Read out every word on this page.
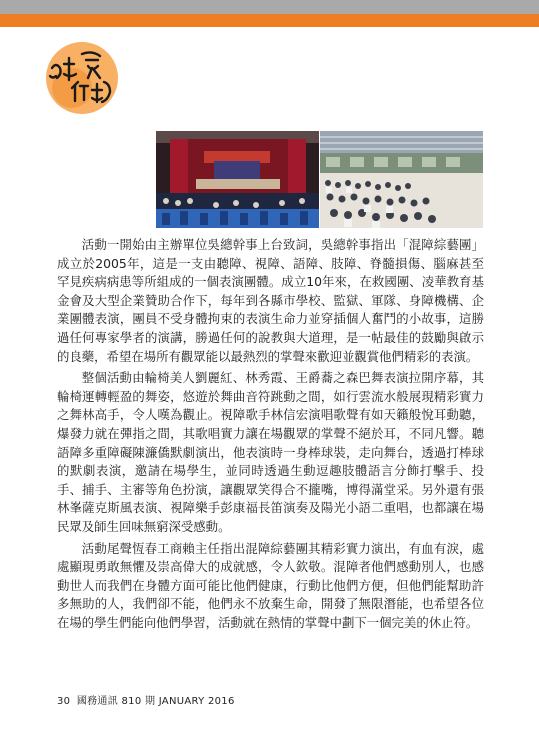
活動一開始由主辦單位吳總幹事上台致詞，吳總幹事指出「混障綜藝團」成立於2005年，這是一支由聽障、視障、語障、肢障、脊髓損傷、腦麻甚至罕見疾病病患等所組成的一個表演團體。成立10年來，在救國團、凌華教育基金會及大型企業贊助合作下，每年到各縣市學校、監獄、軍隊、身障機構、企業團體表演，團員不受身體拘束的表演生命力並穿插個人奮鬥的小故事，這勝過任何專家學者的演講，勝過任何的說教與大道理，是一帖最佳的鼓勵與啟示的良藥，希望在場所有觀眾能以最熱烈的掌聲來歡迎並觀賞他們精彩的表演。

整個活動由輪椅美人劉麗紅、林秀霞、王爵蕎之森巴舞表演拉開序幕，其輪椅運轉輕盈的舞姿，悠遊於舞曲音符跳動之間，如行雲流水般展現精彩實力之舞林高手，令人嘆為觀止。視障歌手林信宏演唱歌聲有如天籟般悅耳動聽，爆發力就在彈指之間，其歌唱實力讓在場觀眾的掌聲不絕於耳，不同凡響。聽語障多重障礙陳濂僑默劇演出，他表演時一身棒球裝，走向舞台，透過打棒球的默劇表演，邀請在場學生，並同時透過生動逗趣肢體語言分飾打擊手、投手、捕手、主審等角色扮演，讓觀眾笑得合不攏嘴，博得滿堂采。另外還有張林峯薩克斯風表演、視障樂手彭康福長笛演奏及陽光小語二重唱，也都讓在場民眾及師生回味無窮深受感動。

活動尾聲恆春工商賴主任指出混障綜藝團其精彩實力演出，有血有淚，處處顯現勇敢無懼及崇高偉大的成就感，令人欽敬。混障者他們感動別人，也感動世人而我們在身體方面可能比他們健康，行動比他們方便，但他們能幫助許多無助的人，我們卻不能，他們永不放棄生命，開發了無限潛能，也希望各位在場的學生們能向他們學習，活動就在熱情的掌聲中劃下一個完美的休止符。

30 國務通訊 810 期 JANUARY 2016
